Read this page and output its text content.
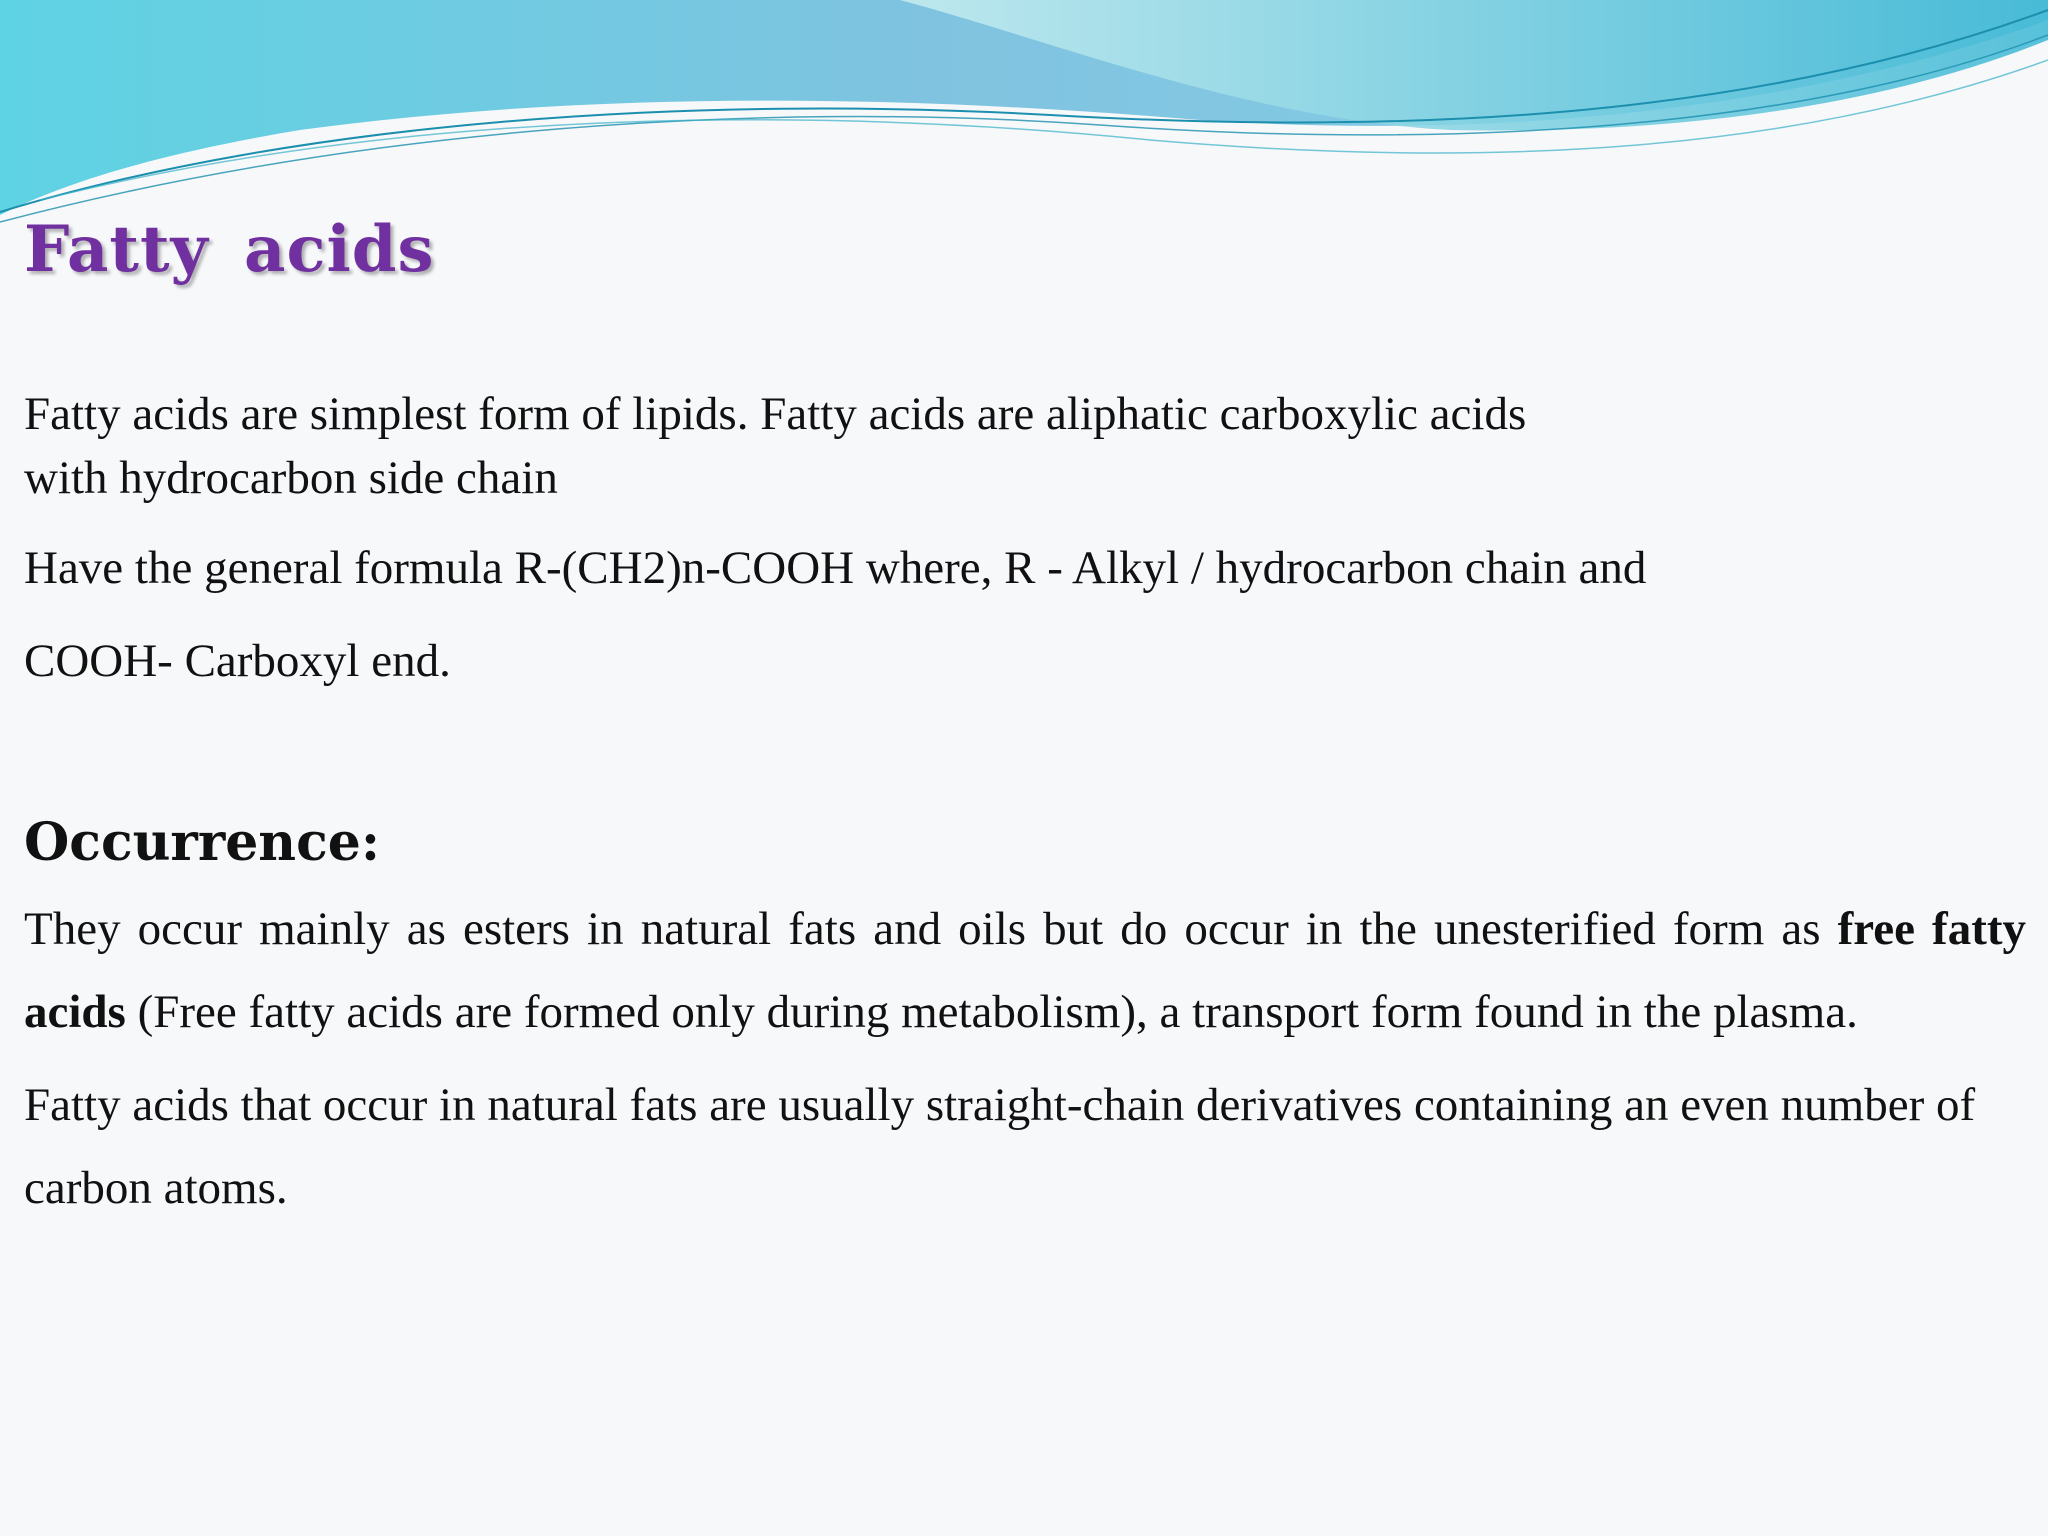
Fatty acids

Fatty acids are simplest form of lipids. Fatty acids are aliphatic carboxylic acids

with hydrocarbon side chain

Have the general formula R-(CH2)n-COOH where, R - Alkyl / hydrocarbon chain and

COOH- Carboxyl end.

Occurrence:

They occur mainly as esters in natural fats and oils but do occur in the unesterified form as free fatty acids (Free fatty acids are formed only during metabolism), a transport form found in the plasma.

Fatty acids that occur in natural fats are usually straight-chain derivatives containing an even number of carbon atoms.
